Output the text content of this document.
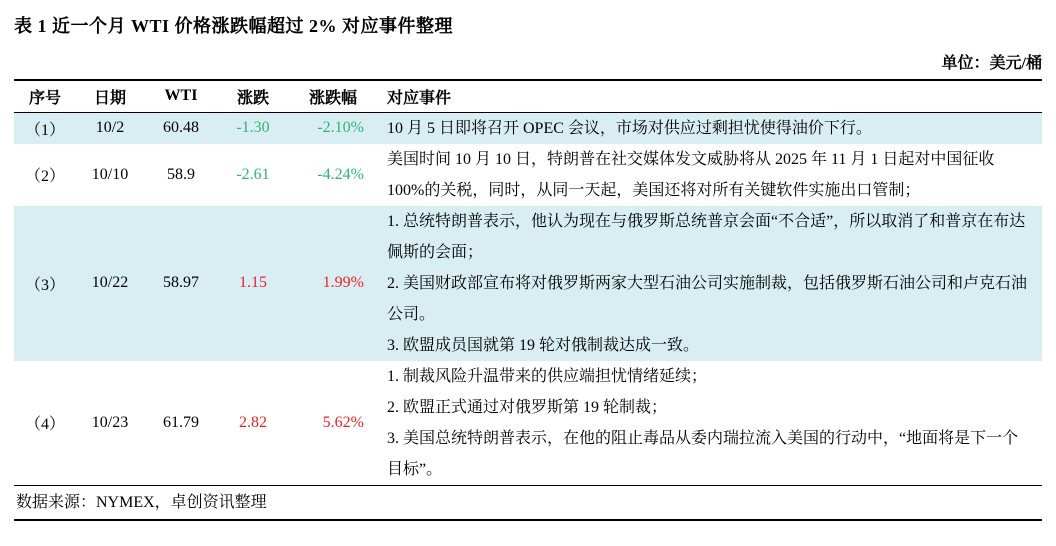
表 1 近一个月 WTI 价格涨跌幅超过 2% 对应事件整理
单位：美元/桶
序号	日期	WTI	涨跌	涨跌幅	对应事件
（1）	10/2	60.48	-1.30	-2.10%	10 月 5 日即将召开 OPEC 会议，市场对供应过剩担忧使得油价下行。

（2）	10/10	58.9	-2.61	-4.24%	美国时间 10 月 10 日，特朗普在社交媒体发文威胁将从 2025 年 11 月 1 日起对中国征收 100%的关税，同时，从同一天起，美国还将对所有关键软件实施出口管制；

（3）	10/22	58.97	1.15	1.99%	1. 总统特朗普表示，他认为现在与俄罗斯总统普京会面“不合适”，所以取消了和普京在布达佩斯的会面；
2. 美国财政部宣布将对俄罗斯两家大型石油公司实施制裁，包括俄罗斯石油公司和卢克石油公司。
3. 欧盟成员国就第 19 轮对俄制裁达成一致。

（4）	10/23	61.79	2.82	5.62%	1. 制裁风险升温带来的供应端担忧情绪延续；
2. 欧盟正式通过对俄罗斯第 19 轮制裁；
3. 美国总统特朗普表示，在他的阻止毒品从委内瑞拉流入美国的行动中，“地面将是下一个目标”。
数据来源：NYMEX，卓创资讯整理
